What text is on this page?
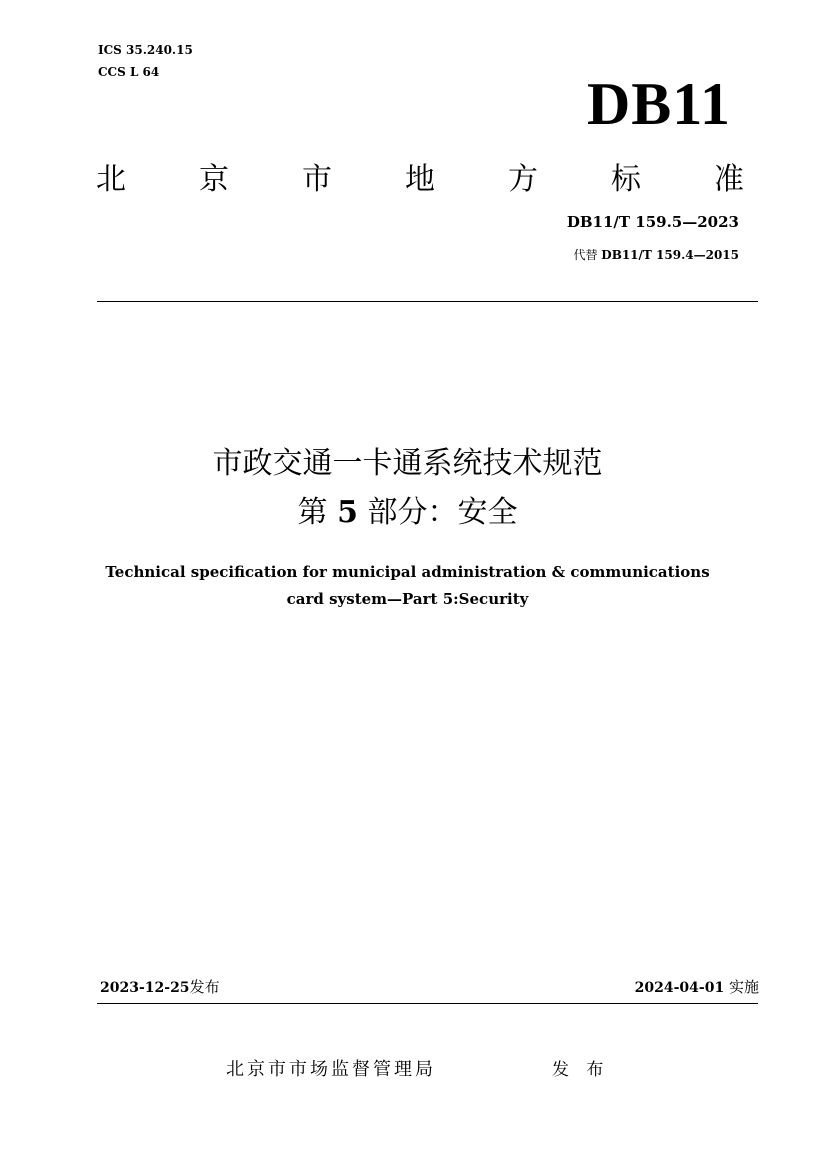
ICS 35.240.15
CCS L 64	DB11
北 京 市 地 方 标 准
DB11/T 159.5—2023
代替 DB11/T 159.4—2015
市政交通一卡通系统技术规范
第 5 部分：安全
Technical specification for municipal administration & communications
card system—Part 5:Security
2023-12-25发布	2024-04-01 实施
北京市市场监督管理局	发 布
